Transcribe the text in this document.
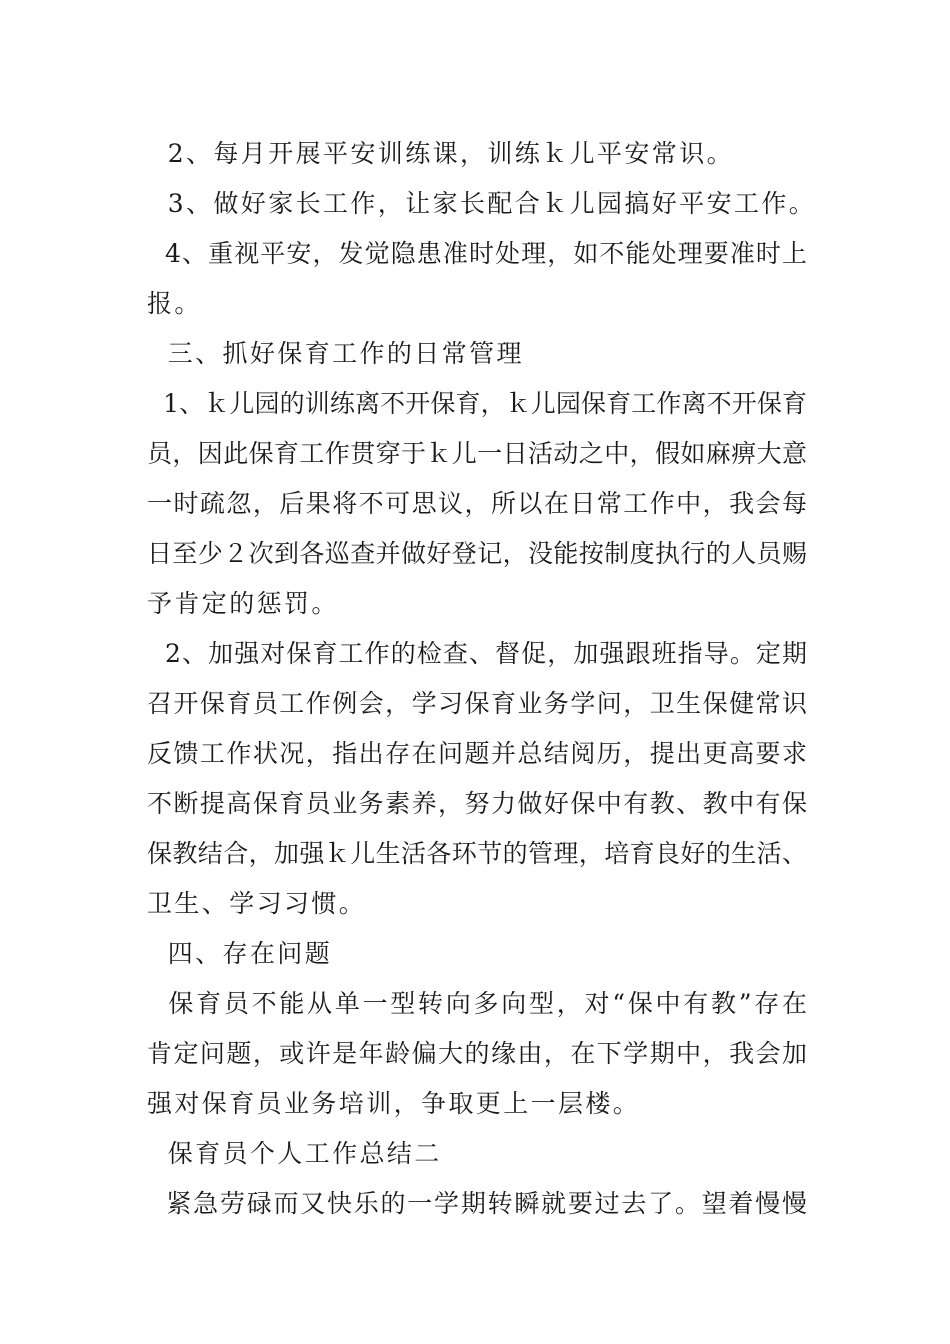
2、每月开展平安训练课，训练ｋ儿平安常识。
3、做好家长工作，让家长配合ｋ儿园搞好平安工作。
4、重视平安，发觉隐患准时处理，如不能处理要准时上
报。
三、抓好保育工作的日常管理
1、ｋ儿园的训练离不开保育，ｋ儿园保育工作离不开保育
员，因此保育工作贯穿于ｋ儿一日活动之中，假如麻痹大意
一时疏忽，后果将不可思议，所以在日常工作中，我会每
日至少２次到各巡查并做好登记，没能按制度执行的人员赐
予肯定的惩罚。
2、加强对保育工作的检查、督促，加强跟班指导。定期
召开保育员工作例会，学习保育业务学问，卫生保健常识
反馈工作状况，指出存在问题并总结阅历，提出更高要求
不断提高保育员业务素养，努力做好保中有教、教中有保
保教结合，加强ｋ儿生活各环节的管理，培育良好的生活、
卫生、学习习惯。
四、存在问题
保育员不能从单一型转向多向型，对“保中有教”存在
肯定问题，或许是年龄偏大的缘由，在下学期中，我会加
强对保育员业务培训，争取更上一层楼。
保育员个人工作总结二
紧急劳碌而又快乐的一学期转瞬就要过去了。望着慢慢
